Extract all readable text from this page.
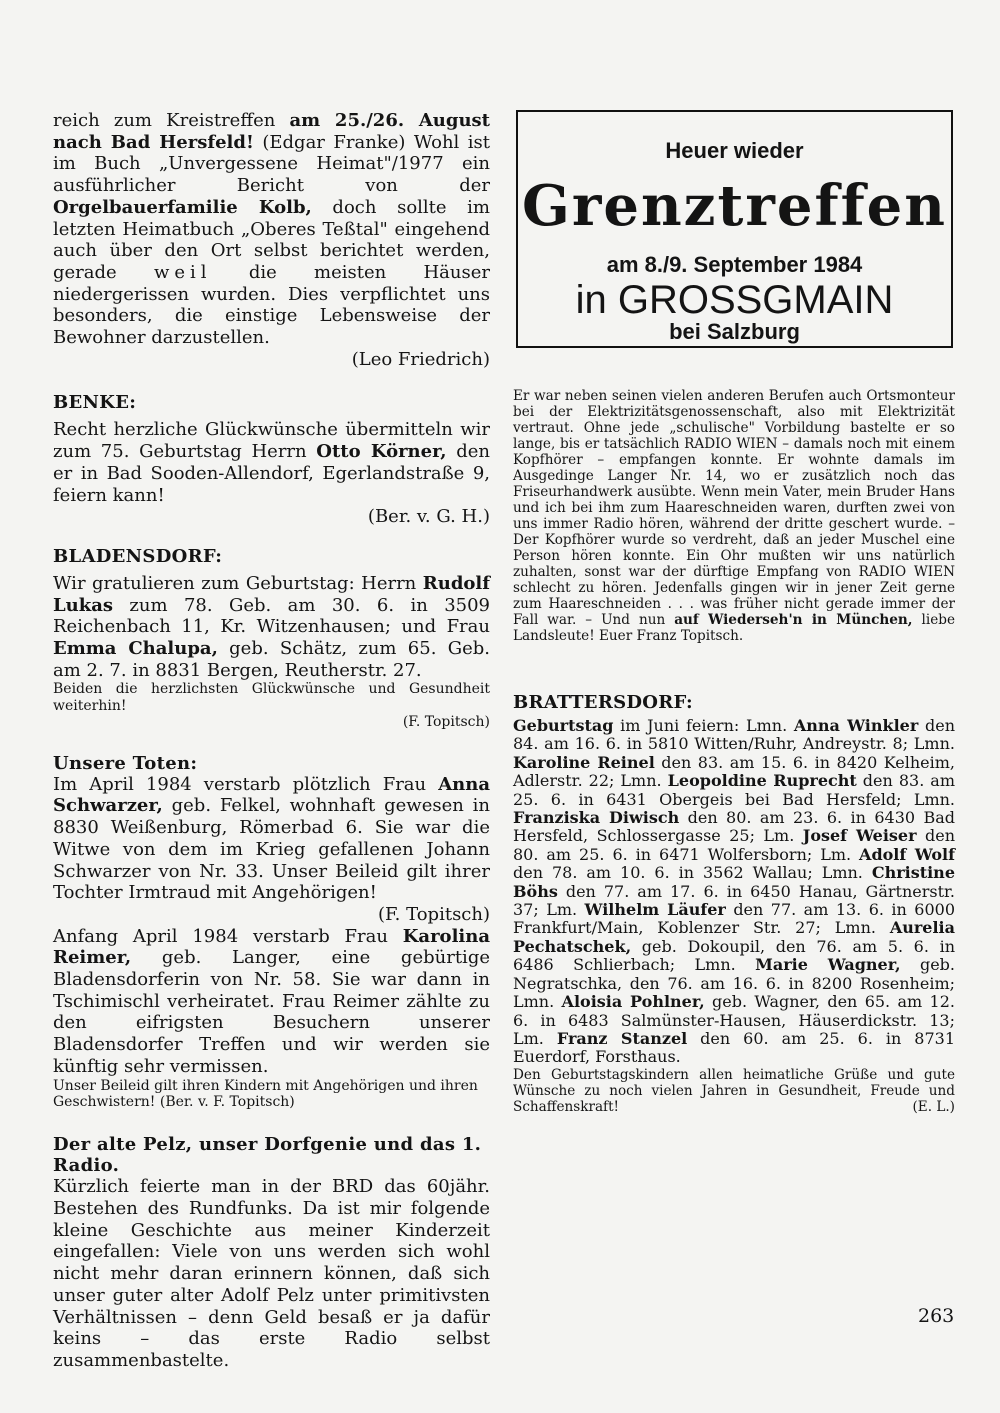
reich zum Kreistreffen am 25./26. August nach Bad Hersfeld! (Edgar Franke) Wohl ist im Buch „Unvergessene Heimat"/1977 ein ausführlicher Bericht von der Orgelbauerfamilie Kolb, doch sollte im letzten Heimatbuch „Oberes Teßtal" eingehend auch über den Ort selbst berichtet werden, gerade weil die meisten Häuser niedergerissen wurden. Dies verpflichtet uns besonders, die einstige Lebensweise der Bewohner darzustellen.

(Leo Friedrich)
BENKE:

Recht herzliche Glückwünsche übermitteln wir zum 75. Geburtstag Herrn Otto Körner, den er in Bad Sooden-Allendorf, Egerlandstraße 9, feiern kann!

(Ber. v. G. H.)
BLADENSDORF:

Wir gratulieren zum Geburtstag: Herrn Rudolf Lukas zum 78. Geb. am 30. 6. in 3509 Reichenbach 11, Kr. Witzenhausen; und Frau Emma Chalupa, geb. Schätz, zum 65. Geb. am 2. 7. in 8831 Bergen, Reutherstr. 27.

Beiden die herzlichsten Glückwünsche und Gesundheit weiterhin!

(F. Topitsch)
Unsere Toten:

Im April 1984 verstarb plötzlich Frau Anna Schwarzer, geb. Felkel, wohnhaft gewesen in 8830 Weißenburg, Römerbad 6. Sie war die Witwe von dem im Krieg gefallenen Johann Schwarzer von Nr. 33. Unser Beileid gilt ihrer Tochter Irmtraud mit Angehörigen!

(F. Topitsch)

Anfang April 1984 verstarb Frau Karolina Reimer, geb. Langer, eine gebürtige Bladensdorferin von Nr. 58. Sie war dann in Tschimischl verheiratet. Frau Reimer zählte zu den eifrigsten Besuchern unserer Bladensdorfer Treffen und wir werden sie künftig sehr vermissen.

Unser Beileid gilt ihren Kindern mit Angehörigen und ihren Geschwistern! (Ber. v. F. Topitsch)

Der alte Pelz, unser Dorfgenie und das 1. Radio.

Kürzlich feierte man in der BRD das 60jähr. Bestehen des Rundfunks. Da ist mir folgende kleine Geschichte aus meiner Kinderzeit eingefallen: Viele von uns werden sich wohl nicht mehr daran erinnern können, daß sich unser guter alter Adolf Pelz unter primitivsten Verhältnissen – denn Geld besaß er ja dafür keins – das erste Radio selbst zusammenbastelte.

Heuer wieder
Grenztreffen
am 8./9. September 1984
in GROSSGMAIN
bei Salzburg

Er war neben seinen vielen anderen Berufen auch Ortsmonteur bei der Elektrizitätsgenossenschaft, also mit Elektrizität vertraut. Ohne jede „schulische" Vorbildung bastelte er so lange, bis er tatsächlich RADIO WIEN – damals noch mit einem Kopfhörer – empfangen konnte. Er wohnte damals im Ausgedinge Langer Nr. 14, wo er zusätzlich noch das Friseurhandwerk ausübte. Wenn mein Vater, mein Bruder Hans und ich bei ihm zum Haareschneiden waren, durften zwei von uns immer Radio hören, während der dritte geschert wurde. – Der Kopfhörer wurde so verdreht, daß an jeder Muschel eine Person hören konnte. Ein Ohr mußten wir uns natürlich zuhalten, sonst war der dürftige Empfang von RADIO WIEN schlecht zu hören. Jedenfalls gingen wir in jener Zeit gerne zum Haareschneiden . . . was früher nicht gerade immer der Fall war. – Und nun auf Wiederseh'n in München, liebe Landsleute! Euer Franz Topitsch.

BRATTERSDORF:

Geburtstag im Juni feiern: Lmn. Anna Winkler den 84. am 16. 6. in 5810 Witten/Ruhr, Andreystr. 8; Lmn. Karoline Reinel den 83. am 15. 6. in 8420 Kelheim, Adlerstr. 22; Lmn. Leopoldine Ruprecht den 83. am 25. 6. in 6431 Obergeis bei Bad Hersfeld; Lmn. Franziska Diwisch den 80. am 23. 6. in 6430 Bad Hersfeld, Schlossergasse 25; Lm. Josef Weiser den 80. am 25. 6. in 6471 Wolfersborn; Lm. Adolf Wolf den 78. am 10. 6. in 3562 Wallau; Lmn. Christine Böhs den 77. am 17. 6. in 6450 Hanau, Gärtnerstr. 37; Lm. Wilhelm Läufer den 77. am 13. 6. in 6000 Frankfurt/Main, Koblenzer Str. 27; Lmn. Aurelia Pechatschek, geb. Dokoupil, den 76. am 5. 6. in 6486 Schlierbach; Lmn. Marie Wagner, geb. Negratschka, den 76. am 16. 6. in 8200 Rosenheim; Lmn. Aloisia Pohlner, geb. Wagner, den 65. am 12. 6. in 6483 Salmünster-Hausen, Häuserdickstr. 13; Lm. Franz Stanzel den 60. am 25. 6. in 8731 Euerdorf, Forsthaus.

Den Geburtstagskindern allen heimatliche Grüße und gute Wünsche zu noch vielen Jahren in Gesundheit, Freude und Schaffenskraft!	(E. L.)

263
